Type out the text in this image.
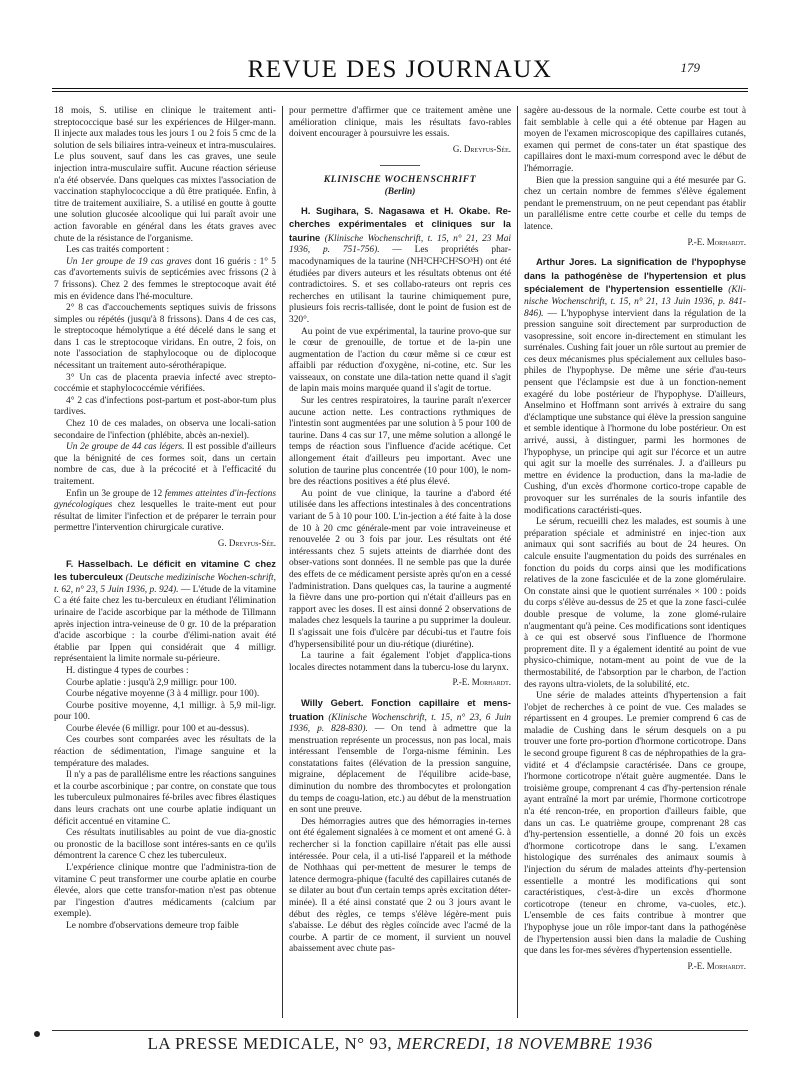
REVUE DES JOURNAUX	179

18 mois, S. utilise en clinique le traitement anti-streptococcique basé sur les expériences de Hilger-mann. Il injecte aux malades tous les jours 1 ou 2 fois 5 cmc de la solution de sels biliaires intra-veineux et intra-musculaires. Le plus souvent, sauf dans les cas graves, une seule injection intra-musculaire suffit. Aucune réaction sérieuse n'a été observée. Dans quelques cas mixtes l'association de vaccination staphylococcique a dû être pratiquée. Enfin, à titre de traitement auxiliaire, S. a utilisé en goutte à goutte une solution glucosée alcoolique qui lui paraît avoir une action favorable en général dans les états graves avec chute de la résistance de l'organisme.

Les cas traités comportent :

Un 1er groupe de 19 cas graves dont 16 guéris : 1° 5 cas d'avortements suivis de septicémies avec frissons (2 à 7 frissons). Chez 2 des femmes le streptocoque avait été mis en évidence dans l'hé-moculture.

2° 8 cas d'accouchements septiques suivis de frissons simples ou répétés (jusqu'à 8 frissons). Dans 4 de ces cas, le streptocoque hémolytique a été décelé dans le sang et dans 1 cas le streptocoque viridans. En outre, 2 fois, on note l'association de staphylocoque ou de diplocoque nécessitant un traitement auto-sérothérapique.

3° Un cas de placenta praevia infecté avec strepto-coccémie et staphylococcémie vérifiées.

4° 2 cas d'infections post-partum et post-abor-tum plus tardives.

Chez 10 de ces malades, on observa une locali-sation secondaire de l'infection (phlébite, abcès an-nexiel).

Un 2e groupe de 44 cas légers. Il est possible d'ailleurs que la bénignité de ces formes soit, dans un certain nombre de cas, due à la précocité et à l'efficacité du traitement.

Enfin un 3e groupe de 12 femmes atteintes d'in-fections gynécologiques chez lesquelles le traite-ment eut pour résultat de limiter l'infection et de préparer le terrain pour permettre l'intervention chirurgicale curative.

G. Dreyfus-Sée.

F. Hasselbach. Le déficit en vitamine C chez les tuberculeux (Deutsche medizinische Wochen-schrift, t. 62, n° 23, 5 Juin 1936, p. 924). — L'étude de la vitamine C a été faite chez les tu-berculeux en étudiant l'élimination urinaire de l'acide ascorbique par la méthode de Tillmann après injection intra-veineuse de 0 gr. 10 de la préparation d'acide ascorbique : la courbe d'élimi-nation avait été établie par Ippen qui considérait que 4 milligr. représentaient la limite normale su-périeure.

H. distingue 4 types de courbes :

Courbe aplatie : jusqu'à 2,9 milligr. pour 100.

Courbe négative moyenne (3 à 4 milligr. pour 100).

Courbe positive moyenne, 4,1 milligr. à 5,9 mil-ligr. pour 100.

Courbe élevée (6 milligr. pour 100 et au-dessus).

Ces courbes sont comparées avec les résultats de la réaction de sédimentation, l'image sanguine et la température des malades.

Il n'y a pas de parallélisme entre les réactions sanguines et la courbe ascorbinique ; par contre, on constate que tous les tuberculeux pulmonaires fé-briles avec fibres élastiques dans leurs crachats ont une courbe aplatie indiquant un déficit accentué en vitamine C.

Ces résultats inutilisables au point de vue dia-gnostic ou pronostic de la bacillose sont intéres-sants en ce qu'ils démontrent la carence C chez les tuberculeux.

L'expérience clinique montre que l'administra-tion de vitamine C peut transformer une courbe aplatie en courbe élevée, alors que cette transfor-mation n'est pas obtenue par l'ingestion d'autres médicaments (calcium par exemple).

Le nombre d'observations demeure trop faible

pour permettre d'affirmer que ce traitement amène une amélioration clinique, mais les résultats favo-rables doivent encourager à poursuivre les essais.

G. Dreyfus-Sée.

KLINISCHE WOCHENSCHRIFT
(Berlin)

H. Sugihara, S. Nagasawa et H. Okabe. Re-cherches expérimentales et cliniques sur la taurine (Klinische Wochenschrift, t. 15, n° 21, 23 Mai 1936, p. 751-756). — Les propriétés phar-macodynamiques de la taurine (NH²CH²CH²SO³H) ont été étudiées par divers auteurs et les résultats obtenus ont été contradictoires. S. et ses collabo-rateurs ont repris ces recherches en utilisant la taurine chimiquement pure, plusieurs fois recris-tallisée, dont le point de fusion est de 320°.

Au point de vue expérimental, la taurine provo-que sur le cœur de grenouille, de tortue et de la-pin une augmentation de l'action du cœur même si ce cœur est affaibli par réduction d'oxygène, ni-cotine, etc. Sur les vaisseaux, on constate une dila-tation nette quand il s'agit de lapin mais moins marquée quand il s'agit de tortue.

Sur les centres respiratoires, la taurine paraît n'exercer aucune action nette. Les contractions rythmiques de l'intestin sont augmentées par une solution à 5 pour 100 de taurine. Dans 4 cas sur 17, une même solution a allongé le temps de réaction sous l'influence d'acide acétique. Cet allongement était d'ailleurs peu important. Avec une solution de taurine plus concentrée (10 pour 100), le nom-bre des réactions positives a été plus élevé.

Au point de vue clinique, la taurine a d'abord été utilisée dans les affections intestinales à des concentrations variant de 5 à 10 pour 100. L'in-jection a été faite à la dose de 10 à 20 cmc générale-ment par voie intraveineuse et renouvelée 2 ou 3 fois par jour. Les résultats ont été intéressants chez 5 sujets atteints de diarrhée dont des obser-vations sont données. Il ne semble pas que la durée des effets de ce médicament persiste après qu'on en a cessé l'administration. Dans quelques cas, la taurine a augmenté la fièvre dans une pro-portion qui n'était d'ailleurs pas en rapport avec les doses. Il est ainsi donné 2 observations de malades chez lesquels la taurine a pu supprimer la douleur. Il s'agissait une fois d'ulcère par décubi-tus et l'autre fois d'hypersensibilité pour un diu-rétique (diurétine).

La taurine a fait également l'objet d'applica-tions locales directes notamment dans la tubercu-lose du larynx.

P.-E. Morhardt.

Willy Gebert. Fonction capillaire et mens-truation (Klinische Wochenschrift, t. 15, n° 23, 6 Juin 1936, p. 828-830). — On tend à admettre que la menstruation représente un processus, non pas local, mais intéressant l'ensemble de l'orga-nisme féminin. Les constatations faites (élévation de la pression sanguine, migraine, déplacement de l'équilibre acide-base, diminution du nombre des thrombocytes et prolongation du temps de coagu-lation, etc.) au début de la menstruation en sont une preuve.

Des hémorragies autres que des hémorragies in-ternes ont été également signalées à ce moment et ont amené G. à rechercher si la fonction capillaire n'était pas elle aussi intéressée. Pour cela, il a uti-lisé l'appareil et la méthode de Nothhaas qui per-mettent de mesurer le temps de latence dermogra-phique (faculté des capillaires cutanés de se dilater au bout d'un certain temps après excitation déter-minée). Il a été ainsi constaté que 2 ou 3 jours avant le début des règles, ce temps s'élève légère-ment puis s'abaisse. Le début des règles coïncide avec l'acmé de la courbe. A partir de ce moment, il survient un nouvel abaissement avec chute pas-

sagère au-dessous de la normale. Cette courbe est tout à fait semblable à celle qui a été obtenue par Hagen au moyen de l'examen microscopique des capillaires cutanés, examen qui permet de cons-tater un état spastique des capillaires dont le maxi-mum correspond avec le début de l'hémorragie.

Bien que la pression sanguine qui a été mesurée par G. chez un certain nombre de femmes s'élève également pendant le premenstruum, on ne peut cependant pas établir un parallélisme entre cette courbe et celle du temps de latence.

P.-E. Morhardt.

Arthur Jores. La signification de l'hypophyse dans la pathogénèse de l'hypertension et plus spécialement de l'hypertension essentielle (Kli-nische Wochenschrift, t. 15, n° 21, 13 Juin 1936, p. 841-846). — L'hypophyse intervient dans la régulation de la pression sanguine soit directement par surproduction de vasopressine, soit encore in-directement en stimulant les surrénales. Cushing fait jouer un rôle surtout au premier de ces deux mécanismes plus spécialement aux cellules baso-philes de l'hypophyse. De même une série d'au-teurs pensent que l'éclampsie est due à un fonction-nement exagéré du lobe postérieur de l'hypophyse. D'ailleurs, Anselmino et Hoffmann sont arrivés à extraire du sang d'éclamptique une substance qui élève la pression sanguine et semble identique à l'hormone du lobe postérieur. On est arrivé, aussi, à distinguer, parmi les hormones de l'hypophyse, un principe qui agit sur l'écorce et un autre qui agit sur la moelle des surrénales. J. a d'ailleurs pu mettre en évidence la production, dans la ma-ladie de Cushing, d'un excès d'hormone cortico-trope capable de provoquer sur les surrénales de la souris infantile des modifications caractéristi-ques.

Le sérum, recueilli chez les malades, est soumis à une préparation spéciale et administré en injec-tion aux animaux qui sont sacrifiés au bout de 24 heures. On calcule ensuite l'augmentation du poids des surrénales en fonction du poids du corps ainsi que les modifications relatives de la zone fasciculée et de la zone glomérulaire. On constate ainsi que le quotient surrénales × 100 : poids du corps s'élève au-dessus de 25 et que la zone fasci-culée double presque de volume, la zone glomé-rulaire n'augmentant qu'à peine. Ces modifications sont identiques à ce qui est observé sous l'influence de l'hormone proprement dite. Il y a également identité au point de vue physico-chimique, notam-ment au point de vue de la thermostabilité, de l'absorption par le charbon, de l'action des rayons ultra-violets, de la solubilité, etc.

Une série de malades atteints d'hypertension a fait l'objet de recherches à ce point de vue. Ces malades se répartissent en 4 groupes. Le premier comprend 6 cas de maladie de Cushing dans le sérum desquels on a pu trouver une forte pro-portion d'hormone corticotrope. Dans le second groupe figurent 8 cas de néphropathies de la gra-vidité et 4 d'éclampsie caractérisée. Dans ce groupe, l'hormone corticotrope n'était guère augmentée. Dans le troisième groupe, comprenant 4 cas d'hy-pertension rénale ayant entraîné la mort par urémie, l'hormone corticotrope n'a été rencon-trée, en proportion d'ailleurs faible, que dans un cas. Le quatrième groupe, comprenant 28 cas d'hy-pertension essentielle, a donné 20 fois un excès d'hormone corticotrope dans le sang. L'examen histologique des surrénales des animaux soumis à l'injection du sérum de malades atteints d'hy-pertension essentielle a montré les modifications qui sont caractéristiques, c'est-à-dire un excès d'hormone corticotrope (teneur en chrome, va-cuoles, etc.). L'ensemble de ces faits contribue à montrer que l'hypophyse joue un rôle impor-tant dans la pathogénèse de l'hypertension aussi bien dans la maladie de Cushing que dans les for-mes sévères d'hypertension essentielle.

P.-E. Morhardt.

LA PRESSE MEDICALE, N° 93, MERCREDI, 18 NOVEMBRE 1936
